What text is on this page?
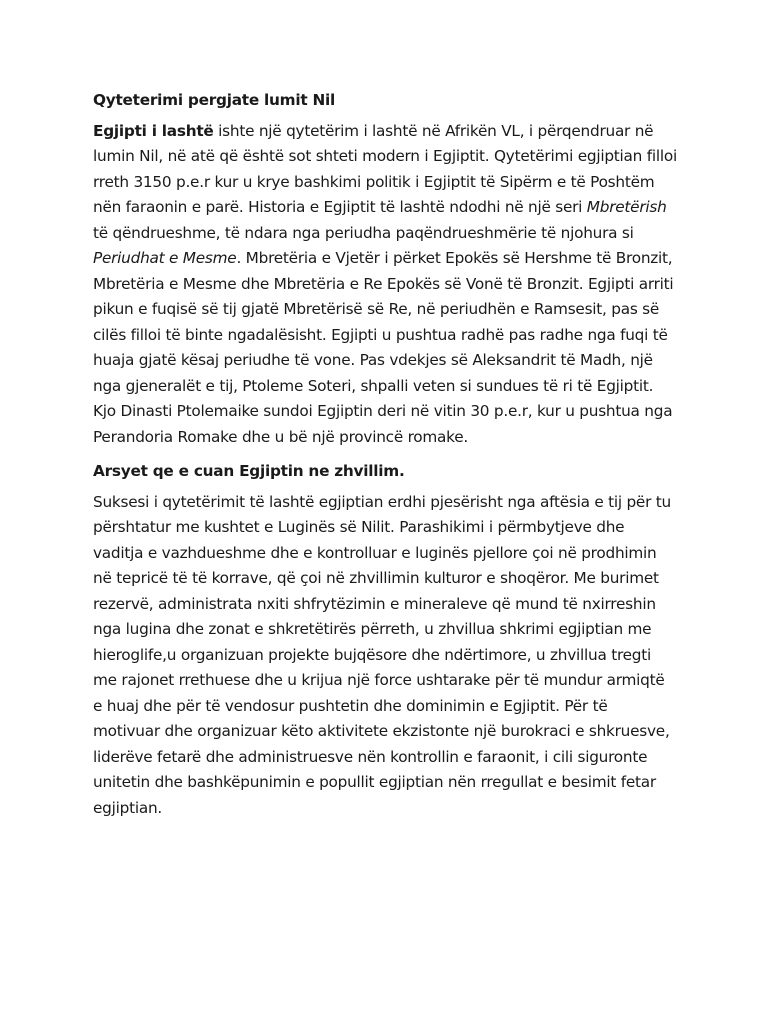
Qyteterimi pergjate lumit Nil

Egjipti i lashtë ishte një qytetërim i lashtë në Afrikën VL, i përqendruar në lumin Nil, në atë që është sot shteti modern i Egjiptit. Qytetërimi egjiptian filloi rreth 3150 p.e.r kur u krye bashkimi politik i Egjiptit të Sipërm e të Poshtëm nën faraonin e parë. Historia e Egjiptit të lashtë ndodhi në një seri Mbretërish të qëndrueshme, të ndara nga periudha paqëndrueshmërie të njohura si Periudhat e Mesme. Mbretëria e Vjetër i përket Epokës së Hershme të Bronzit, Mbretëria e Mesme dhe Mbretëria e Re Epokës së Vonë të Bronzit. Egjipti arriti pikun e fuqisë së tij gjatë Mbretërisë së Re, në periudhën e Ramsesit, pas së cilës filloi të binte ngadalësisht. Egjipti u pushtua radhë pas radhe nga fuqi të huaja gjatë kësaj periudhe të vone. Pas vdekjes së Aleksandrit të Madh, një nga gjeneralët e tij, Ptoleme Soteri, shpalli veten si sundues të ri të Egjiptit. Kjo Dinasti Ptolemaike sundoi Egjiptin deri në vitin 30 p.e.r, kur u pushtua nga Perandoria Romake dhe u bë një provincë romake.

Arsyet qe e cuan Egjiptin ne zhvillim.

Suksesi i qytetërimit të lashtë egjiptian erdhi pjesërisht nga aftësia e tij për tu përshtatur me kushtet e Luginës së Nilit. Parashikimi i përmbytjeve dhe vaditja e vazhdueshme dhe e kontrolluar e luginës pjellore çoi në prodhimin në tepricë të të korrave, që çoi në zhvillimin kulturor e shoqëror. Me burimet rezervë, administrata nxiti shfrytëzimin e mineraleve që mund të nxirreshin nga lugina dhe zonat e shkretëtirës përreth, u zhvillua shkrimi egjiptian me hieroglife,u organizuan projekte bujqësore dhe ndërtimore, u zhvillua tregti me rajonet rrethuese dhe u krijua një force ushtarake për të mundur armiqtë e huaj dhe për të vendosur pushtetin dhe dominimin e Egjiptit. Për të motivuar dhe organizuar këto aktivitete ekzistonte një burokraci e shkruesve, liderëve fetarë dhe administruesve nën kontrollin e faraonit, i cili siguronte unitetin dhe bashkëpunimin e popullit egjiptian nën rregullat e besimit fetar egjiptian.
